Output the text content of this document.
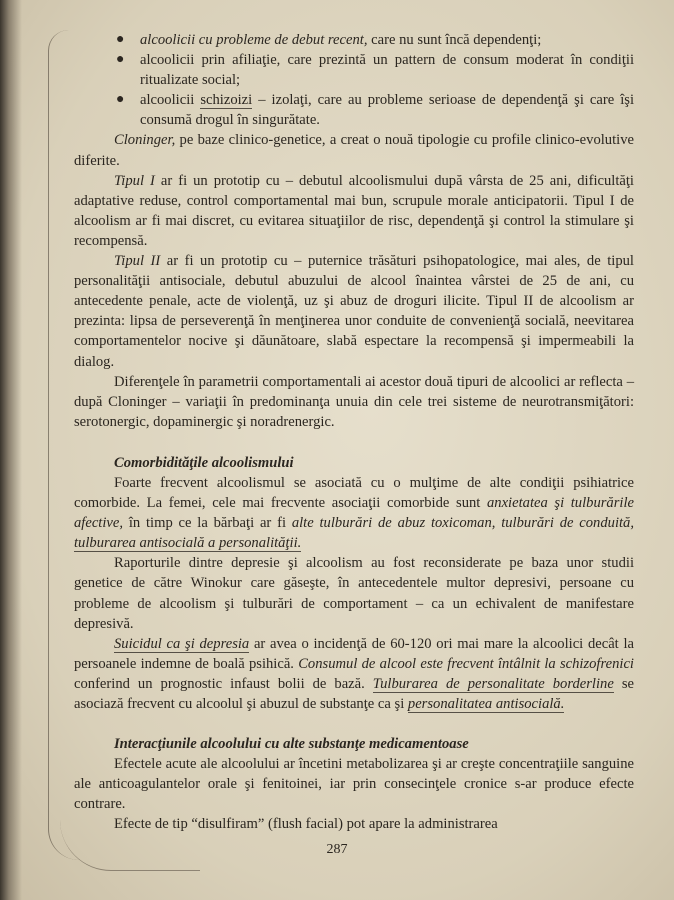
● alcoolicii cu probleme de debut recent, care nu sunt încă dependenţi;
● alcoolicii prin afiliaţie, care prezintă un pattern de consum moderat în condiţii ritualizate social;
● alcoolicii schizoizi – izolaţi, care au probleme serioase de dependenţă şi care îşi consumă drogul în singurătate.

Cloninger, pe baze clinico-genetice, a creat o nouă tipologie cu profile clinico-evolutive diferite.

Tipul I ar fi un prototip cu – debutul alcoolismului după vârsta de 25 ani, dificultăţi adaptative reduse, control comportamental mai bun, scrupule morale anticipatorii. Tipul I de alcoolism ar fi mai discret, cu evitarea situaţiilor de risc, dependenţă şi control la stimulare şi recompensă.

Tipul II ar fi un prototip cu – puternice trăsături psihopatologice, mai ales, de tipul personalităţii antisociale, debutul abuzului de alcool înaintea vârstei de 25 de ani, cu antecedente penale, acte de violenţă, uz şi abuz de droguri ilicite. Tipul II de alcoolism ar prezinta: lipsa de perseverenţă în menţinerea unor conduite de convenienţă socială, neevitarea comportamentelor nocive şi dăunătoare, slabă espectare la recompensă şi impermeabili la dialog.

Diferenţele în parametrii comportamentali ai acestor două tipuri de alcoolici ar reflecta – după Cloninger – variaţii în predominanţa unuia din cele trei sisteme de neurotransmiţători: serotonergic, dopaminergic şi noradrenergic.

Comorbidităţile alcoolismului

Foarte frecvent alcoolismul se asociată cu o mulţime de alte condiţii psihiatrice comorbide. La femei, cele mai frecvente asociaţii comorbide sunt anxietatea şi tulburările afective, în timp ce la bărbaţi ar fi alte tulburări de abuz toxicoman, tulburări de conduită, tulburarea antisocială a personalităţii.

Raporturile dintre depresie şi alcoolism au fost reconsiderate pe baza unor studii genetice de către Winokur care găseşte, în antecedentele multor depresivi, persoane cu probleme de alcoolism şi tulburări de comportament – ca un echivalent de manifestare depresivă.

Suicidul ca şi depresia ar avea o incidenţă de 60-120 ori mai mare la alcoolici decât la persoanele indemne de boală psihică. Consumul de alcool este frecvent întâlnit la schizofrenici conferind un prognostic infaust bolii de bază. Tulburarea de personalitate borderline se asociază frecvent cu alcoolul şi abuzul de substanţe ca şi personalitatea antisocială.

Interacţiunile alcoolului cu alte substanţe medicamentoase

Efectele acute ale alcoolului ar încetini metabolizarea şi ar creşte concentraţiile sanguine ale anticoagulantelor orale şi fenitoinei, iar prin consecinţele cronice s-ar produce efecte contrare.

Efecte de tip “disulfiram” (flush facial) pot apare la administrarea

287
